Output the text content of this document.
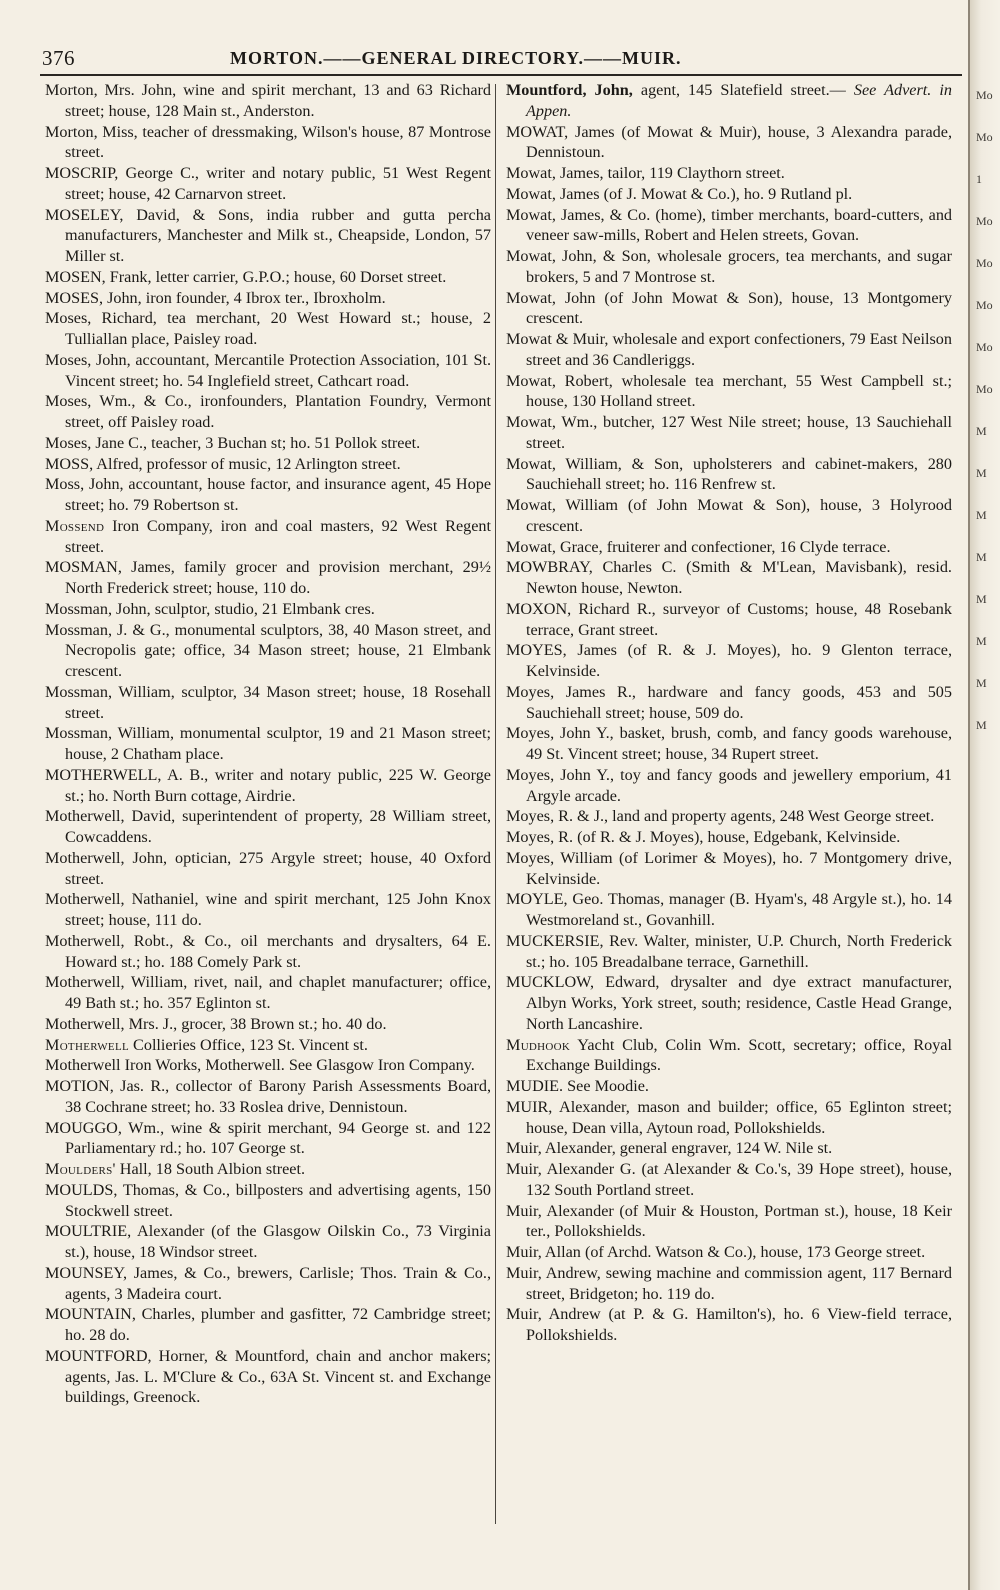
376	MORTON.——GENERAL DIRECTORY.——MUIR.

Morton, Mrs. John, wine and spirit merchant, 13 and 63 Richard street; house, 128 Main st., Anderston.

Morton, Miss, teacher of dressmaking, Wilson's house, 87 Montrose street.

MOSCRIP, George C., writer and notary public, 51 West Regent street; house, 42 Carnarvon street.

MOSELEY, David, & Sons, india rubber and gutta percha manufacturers, Manchester and Milk st., Cheapside, London, 57 Miller st.

MOSEN, Frank, letter carrier, G.P.O.; house, 60 Dorset street.

MOSES, John, iron founder, 4 Ibrox ter., Ibroxholm.

Moses, Richard, tea merchant, 20 West Howard st.; house, 2 Tulliallan place, Paisley road.

Moses, John, accountant, Mercantile Protection Association, 101 St. Vincent street; ho. 54 Inglefield street, Cathcart road.

Moses, Wm., & Co., ironfounders, Plantation Foundry, Vermont street, off Paisley road.

Moses, Jane C., teacher, 3 Buchan st; ho. 51 Pollok street.

MOSS, Alfred, professor of music, 12 Arlington street.

Moss, John, accountant, house factor, and insurance agent, 45 Hope street; ho. 79 Robertson st.

Mossend Iron Company, iron and coal masters, 92 West Regent street.

MOSMAN, James, family grocer and provision merchant, 29½ North Frederick street; house, 110 do.

Mossman, John, sculptor, studio, 21 Elmbank cres.

Mossman, J. & G., monumental sculptors, 38, 40 Mason street, and Necropolis gate; office, 34 Mason street; house, 21 Elmbank crescent.

Mossman, William, sculptor, 34 Mason street; house, 18 Rosehall street.

Mossman, William, monumental sculptor, 19 and 21 Mason street; house, 2 Chatham place.

MOTHERWELL, A. B., writer and notary public, 225 W. George st.; ho. North Burn cottage, Airdrie.

Motherwell, David, superintendent of property, 28 William street, Cowcaddens.

Motherwell, John, optician, 275 Argyle street; house, 40 Oxford street.

Motherwell, Nathaniel, wine and spirit merchant, 125 John Knox street; house, 111 do.

Motherwell, Robt., & Co., oil merchants and drysalters, 64 E. Howard st.; ho. 188 Comely Park st.

Motherwell, William, rivet, nail, and chaplet manufacturer; office, 49 Bath st.; ho. 357 Eglinton st.

Motherwell, Mrs. J., grocer, 38 Brown st.; ho. 40 do.

Motherwell Collieries Office, 123 St. Vincent st.

Motherwell Iron Works, Motherwell. See Glasgow Iron Company.

MOTION, Jas. R., collector of Barony Parish Assessments Board, 38 Cochrane street; ho. 33 Roslea drive, Dennistoun.

MOUGGO, Wm., wine & spirit merchant, 94 George st. and 122 Parliamentary rd.; ho. 107 George st.

Moulders' Hall, 18 South Albion street.

MOULDS, Thomas, & Co., billposters and advertising agents, 150 Stockwell street.

MOULTRIE, Alexander (of the Glasgow Oilskin Co., 73 Virginia st.), house, 18 Windsor street.

MOUNSEY, James, & Co., brewers, Carlisle; Thos. Train & Co., agents, 3 Madeira court.

MOUNTAIN, Charles, plumber and gasfitter, 72 Cambridge street; ho. 28 do.

MOUNTFORD, Horner, & Mountford, chain and anchor makers; agents, Jas. L. M'Clure & Co., 63A St. Vincent st. and Exchange buildings, Greenock.

Mountford, John, agent, 145 Slatefield street.— See Advert. in Appen.

MOWAT, James (of Mowat & Muir), house, 3 Alexandra parade, Dennistoun.

Mowat, James, tailor, 119 Claythorn street.

Mowat, James (of J. Mowat & Co.), ho. 9 Rutland pl.

Mowat, James, & Co. (home), timber merchants, board-cutters, and veneer saw-mills, Robert and Helen streets, Govan.

Mowat, John, & Son, wholesale grocers, tea merchants, and sugar brokers, 5 and 7 Montrose st.

Mowat, John (of John Mowat & Son), house, 13 Montgomery crescent.

Mowat & Muir, wholesale and export confectioners, 79 East Neilson street and 36 Candleriggs.

Mowat, Robert, wholesale tea merchant, 55 West Campbell st.; house, 130 Holland street.

Mowat, Wm., butcher, 127 West Nile street; house, 13 Sauchiehall street.

Mowat, William, & Son, upholsterers and cabinet-makers, 280 Sauchiehall street; ho. 116 Renfrew st.

Mowat, William (of John Mowat & Son), house, 3 Holyrood crescent.

Mowat, Grace, fruiterer and confectioner, 16 Clyde terrace.

MOWBRAY, Charles C. (Smith & M'Lean, Mavisbank), resid. Newton house, Newton.

MOXON, Richard R., surveyor of Customs; house, 48 Rosebank terrace, Grant street.

MOYES, James (of R. & J. Moyes), ho. 9 Glenton terrace, Kelvinside.

Moyes, James R., hardware and fancy goods, 453 and 505 Sauchiehall street; house, 509 do.

Moyes, John Y., basket, brush, comb, and fancy goods warehouse, 49 St. Vincent street; house, 34 Rupert street.

Moyes, John Y., toy and fancy goods and jewellery emporium, 41 Argyle arcade.

Moyes, R. & J., land and property agents, 248 West George street.

Moyes, R. (of R. & J. Moyes), house, Edgebank, Kelvinside.

Moyes, William (of Lorimer & Moyes), ho. 7 Montgomery drive, Kelvinside.

MOYLE, Geo. Thomas, manager (B. Hyam's, 48 Argyle st.), ho. 14 Westmoreland st., Govanhill.

MUCKERSIE, Rev. Walter, minister, U.P. Church, North Frederick st.; ho. 105 Breadalbane terrace, Garnethill.

MUCKLOW, Edward, drysalter and dye extract manufacturer, Albyn Works, York street, south; residence, Castle Head Grange, North Lancashire.

Mudhook Yacht Club, Colin Wm. Scott, secretary; office, Royal Exchange Buildings.

MUDIE. See Moodie.

MUIR, Alexander, mason and builder; office, 65 Eglinton street; house, Dean villa, Aytoun road, Pollokshields.

Muir, Alexander, general engraver, 124 W. Nile st.

Muir, Alexander G. (at Alexander & Co.'s, 39 Hope street), house, 132 South Portland street.

Muir, Alexander (of Muir & Houston, Portman st.), house, 18 Keir ter., Pollokshields.

Muir, Allan (of Archd. Watson & Co.), house, 173 George street.

Muir, Andrew, sewing machine and commission agent, 117 Bernard street, Bridgeton; ho. 119 do.

Muir, Andrew (at P. & G. Hamilton's), ho. 6 View-field terrace, Pollokshields.

Mo
Mo
1
Mo
Mo
Mo
Mo
Mo
M
M
M
M
M
M
M
M
